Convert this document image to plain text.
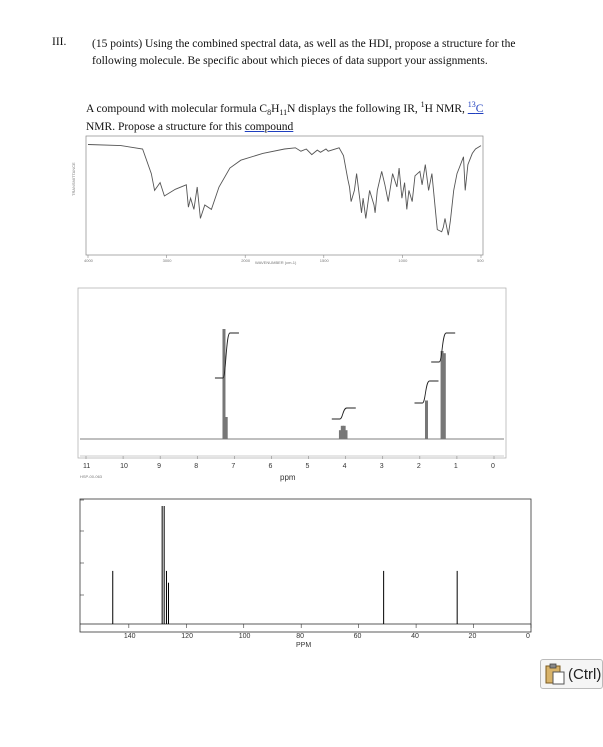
III. (15 points) Using the combined spectral data, as well as the HDI, propose a structure for the following molecule. Be specific about which pieces of data support your assignments.
A compound with molecular formula $C_8H_{11}N$ displays the following IR, $^1$H NMR, $^{13}$C
NMR. Propose a structure for this compound
4000	3000	2000	1500	1000	500
TRANSMITTANCE
WAVENUMBER (cm-1)
11	10	9	8	7	6	5	4	3	2	1	0
ppm
HSP-00-063
140	120	100	80	60	40	20	0
PPM
(Ctrl)
